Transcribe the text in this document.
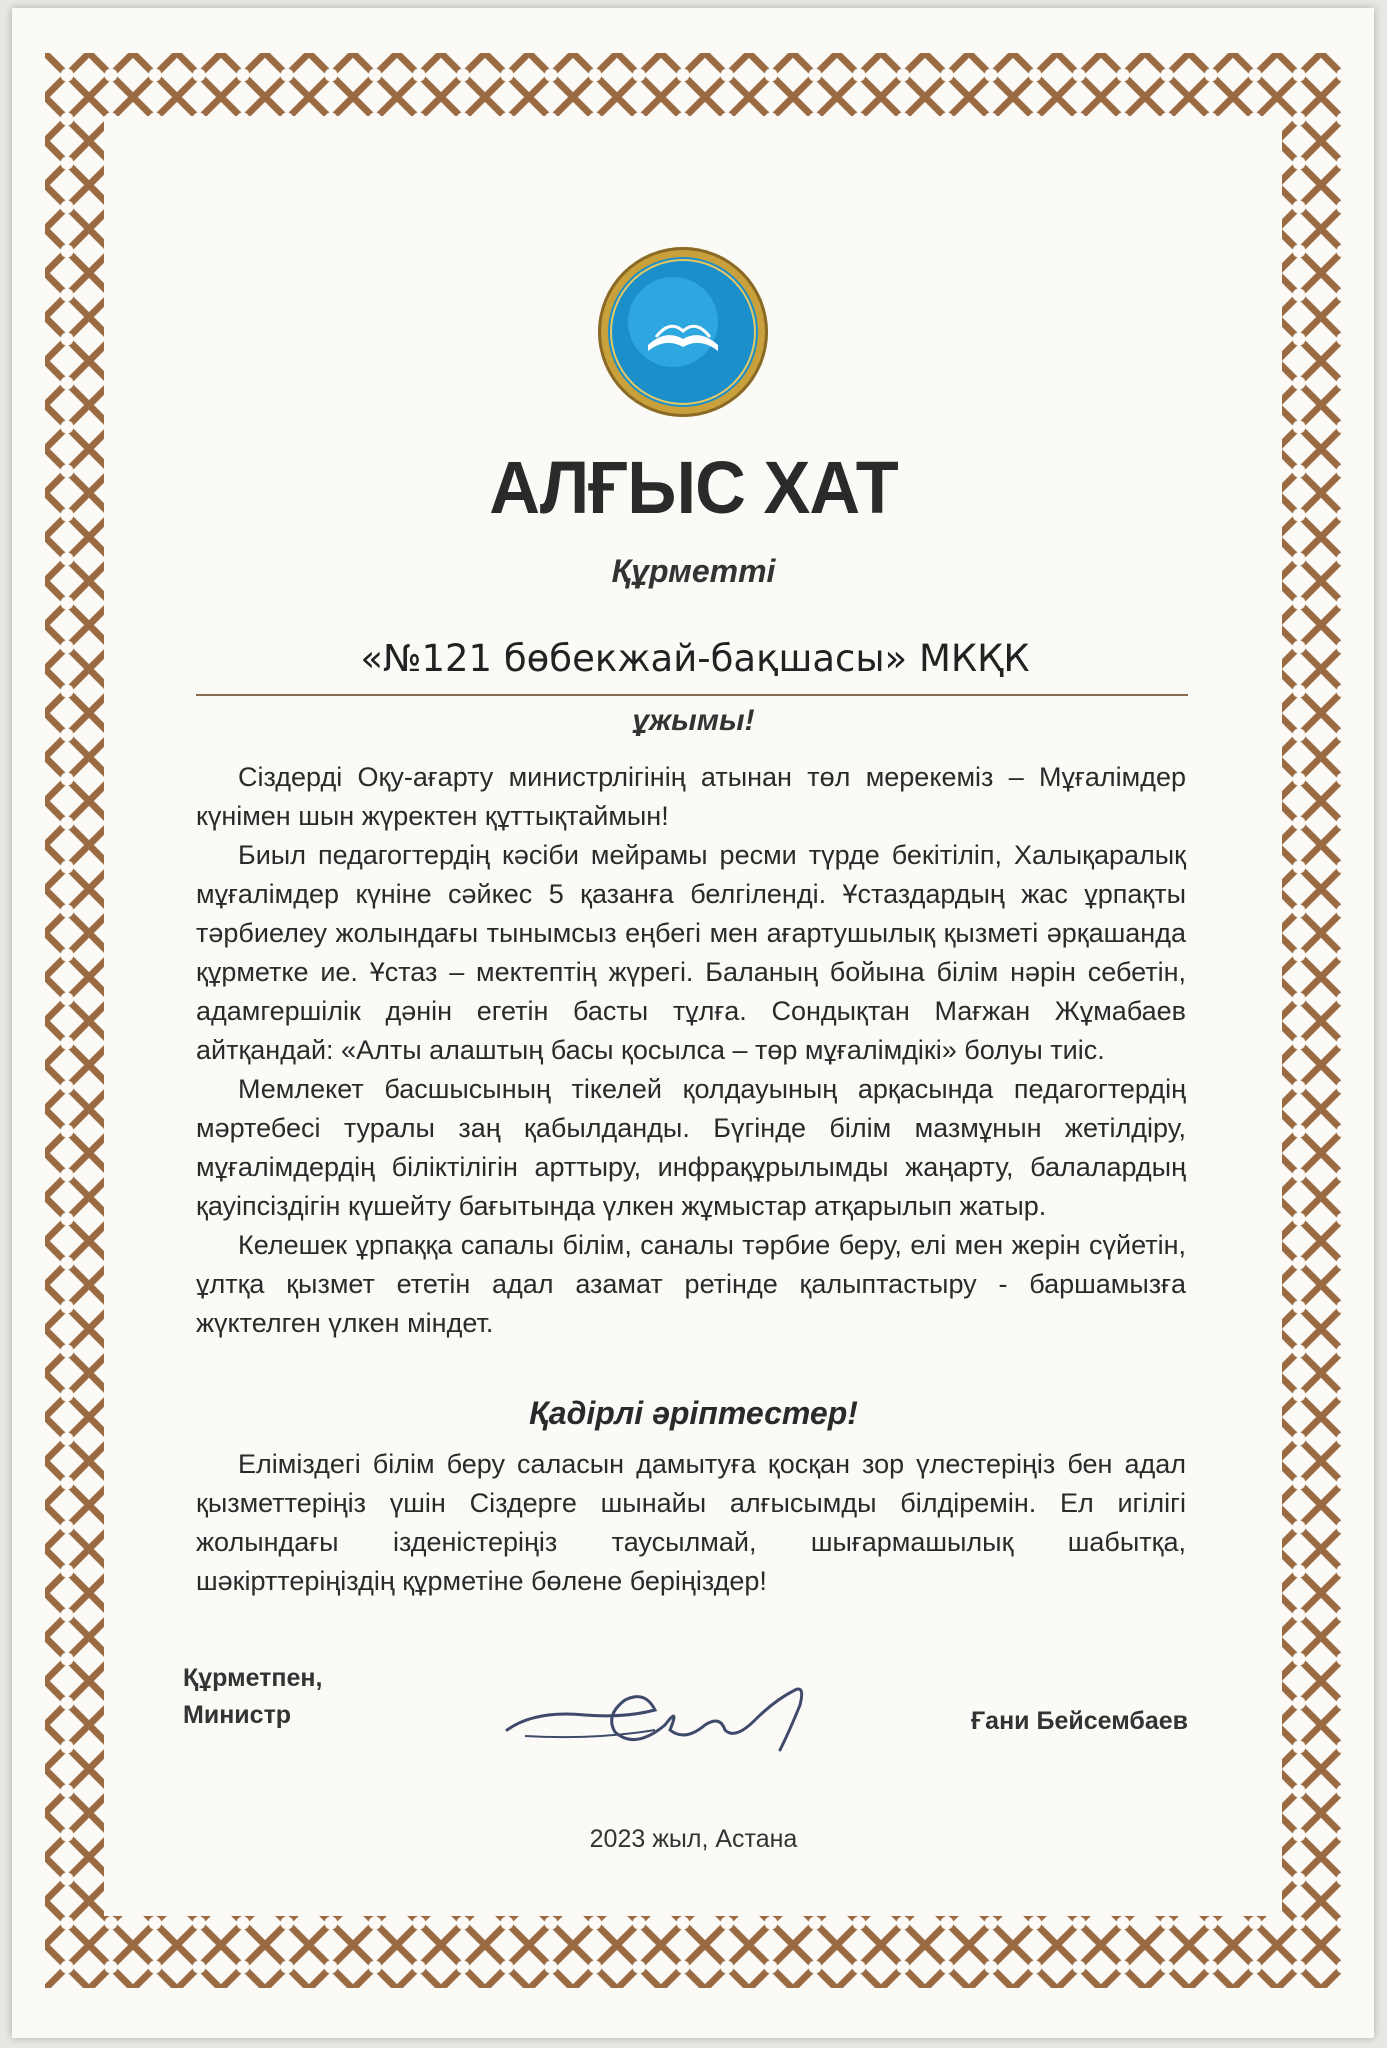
АЛҒЫС ХАТ
Құрметті
«№121 бөбекжай-бақшасы» МКҚК
ұжымы!

Сіздерді Оқу-ағарту министрлігінің атынан төл мерекеміз – Мұғалімдер күнімен шын жүректен құттықтаймын!

Биыл педагогтердің кәсіби мейрамы ресми түрде бекітіліп, Халықаралық мұғалімдер күніне сәйкес 5 қазанға белгіленді. Ұстаздардың жас ұрпақты тәрбиелеу жолындағы тынымсыз еңбегі мен ағартушылық қызметі әрқашанда құрметке ие. Ұстаз – мектептің жүрегі. Баланың бойына білім нәрін себетін, адамгершілік дәнін егетін басты тұлға. Сондықтан Мағжан Жұмабаев айтқандай: «Алты алаштың басы қосылса – төр мұғалімдікі» болуы тиіс.

Мемлекет басшысының тікелей қолдауының арқасында педагогтердің мәртебесі туралы заң қабылданды. Бүгінде білім мазмұнын жетілдіру, мұғалімдердің біліктілігін арттыру, инфрақұрылымды жаңарту, балалардың қауіпсіздігін күшейту бағытында үлкен жұмыстар атқарылып жатыр.

Келешек ұрпаққа сапалы білім, саналы тәрбие беру, елі мен жерін сүйетін, ұлтқа қызмет ететін адал азамат ретінде қалыптастыру - баршамызға жүктелген үлкен міндет.

Қадірлі әріптестер!

Еліміздегі білім беру саласын дамытуға қосқан зор үлестеріңіз бен адал қызметтеріңіз үшін Сіздерге шынайы алғысымды білдіремін. Ел игілігі жолындағы ізденістеріңіз таусылмай, шығармашылық шабытқа, шәкірттеріңіздің құрметіне бөлене беріңіздер!

Құрметпен,
Министр	Ғани Бейсембаев
2023 жыл, Астана
